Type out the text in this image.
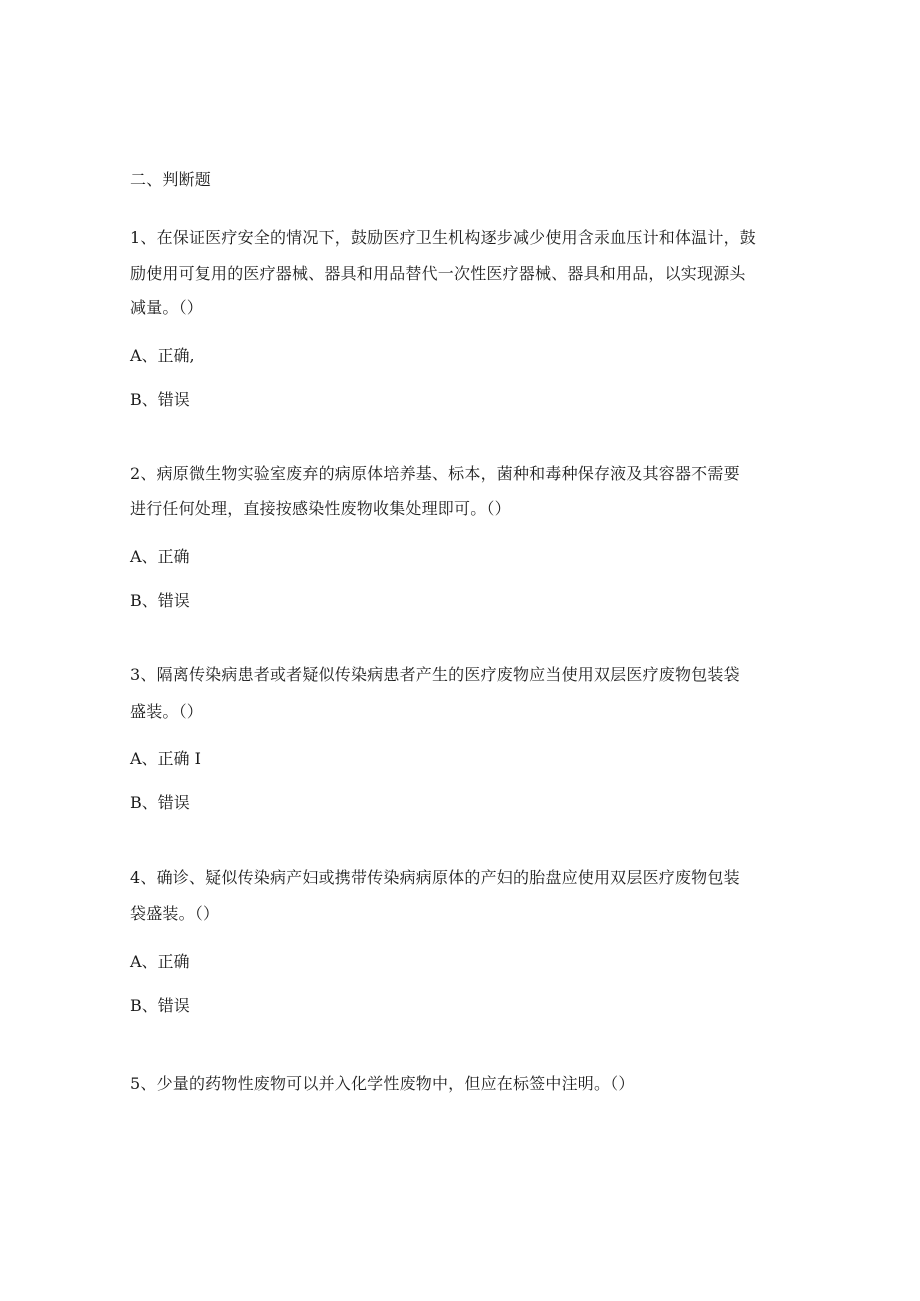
二、判断题
1、在保证医疗安全的情况下，鼓励医疗卫生机构逐步减少使用含汞血压计和体温计，鼓
励使用可复用的医疗器械、器具和用品替代一次性医疗器械、器具和用品，以实现源头
减量。（）
A、正确,
B、错误
2、病原微生物实验室废弃的病原体培养基、标本，菌种和毒种保存液及其容器不需要
进行任何处理，直接按感染性废物收集处理即可。（）
A、正确
B、错误
3、隔离传染病患者或者疑似传染病患者产生的医疗废物应当使用双层医疗废物包装袋
盛装。（）
A、正确 I
B、错误
4、确诊、疑似传染病产妇或携带传染病病原体的产妇的胎盘应使用双层医疗废物包装
袋盛装。（）
A、正确
B、错误
5、少量的药物性废物可以并入化学性废物中，但应在标签中注明。（）
